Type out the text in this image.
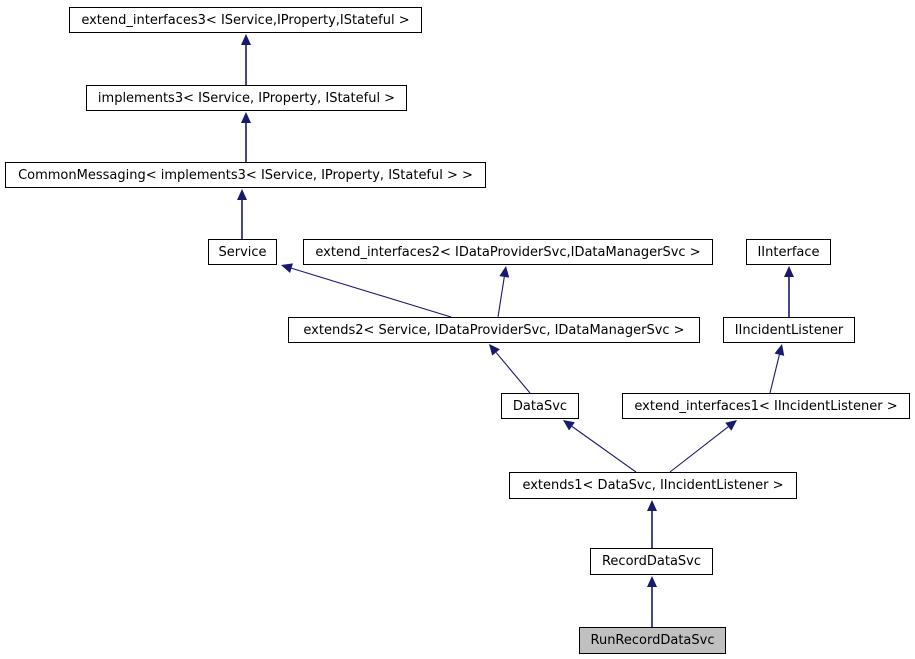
extend_interfaces3< IService,IProperty,IStateful >
implements3< IService, IProperty, IStateful >
CommonMessaging< implements3< IService, IProperty, IStateful > >
Service	extend_interfaces2< IDataProviderSvc,IDataManagerSvc >	IInterface
extends2< Service, IDataProviderSvc, IDataManagerSvc >	IIncidentListener
DataSvc	extend_interfaces1< IIncidentListener >
extends1< DataSvc, IIncidentListener >
RecordDataSvc
RunRecordDataSvc
